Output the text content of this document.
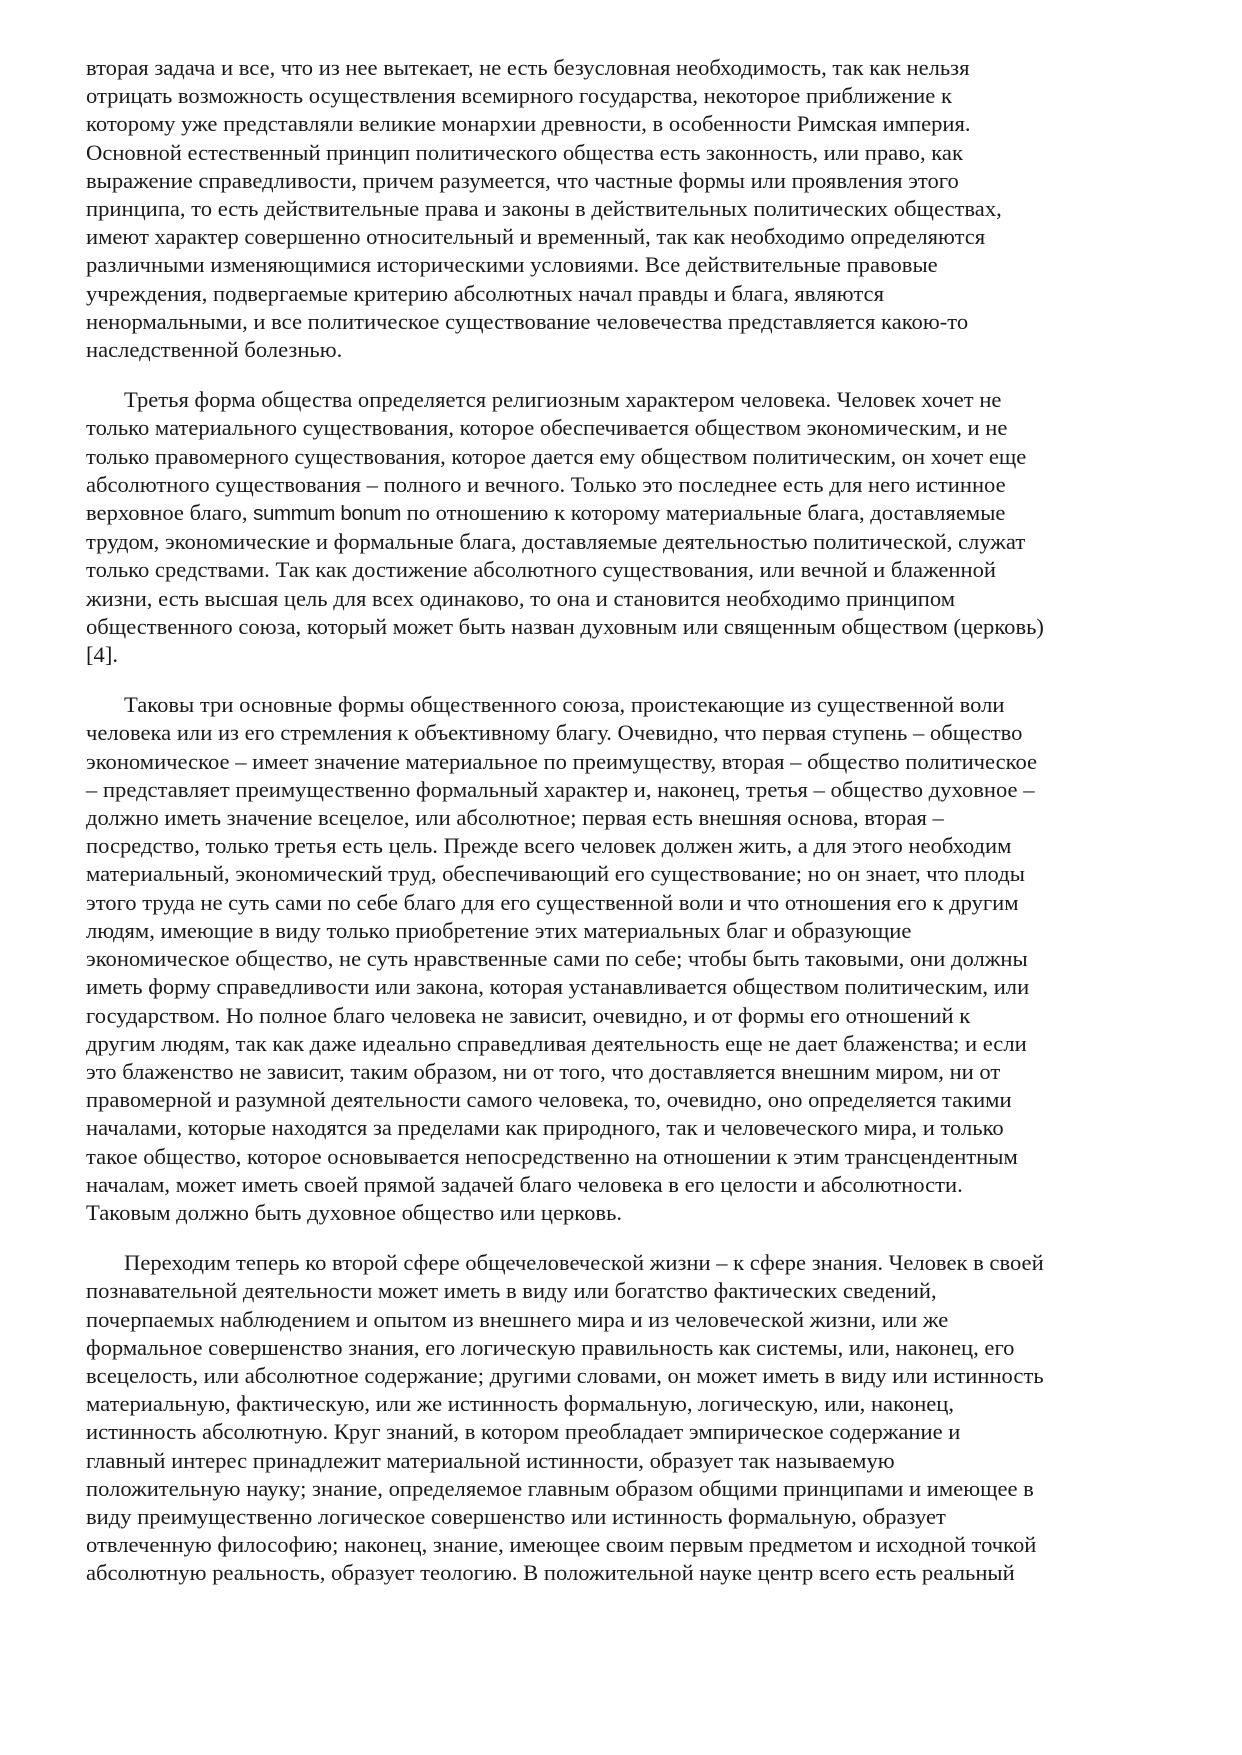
вторая задача и все, что из нее вытекает, не есть безусловная необходимость, так как нельзя
отрицать возможность осуществления всемирного государства, некоторое приближение к
которому уже представляли великие монархии древности, в особенности Римская империя.
Основной естественный принцип политического общества есть законность, или право, как
выражение справедливости, причем разумеется, что частные формы или проявления этого
принципа, то есть действительные права и законы в действительных политических обществах,
имеют характер совершенно относительный и временный, так как необходимо определяются
различными изменяющимися историческими условиями. Все действительные правовые
учреждения, подвергаемые критерию абсолютных начал правды и блага, являются
ненормальными, и все политическое существование человечества представляется какою-то
наследственной болезнью.
Третья форма общества определяется религиозным характером человека. Человек хочет не
только материального существования, которое обеспечивается обществом экономическим, и не
только правомерного существования, которое дается ему обществом политическим, он хочет еще
абсолютного существования – полного и вечного. Только это последнее есть для него истинное
верховное благо, summum bonum по отношению к которому материальные блага, доставляемые
трудом, экономические и формальные блага, доставляемые деятельностью политической, служат
только средствами. Так как достижение абсолютного существования, или вечной и блаженной
жизни, есть высшая цель для всех одинаково, то она и становится необходимо принципом
общественного союза, который может быть назван духовным или священным обществом (церковь)
[4].
Таковы три основные формы общественного союза, проистекающие из существенной воли
человека или из его стремления к объективному благу. Очевидно, что первая ступень – общество
экономическое – имеет значение материальное по преимуществу, вторая – общество политическое
– представляет преимущественно формальный характер и, наконец, третья – общество духовное –
должно иметь значение всецелое, или абсолютное; первая есть внешняя основа, вторая –
посредство, только третья есть цель. Прежде всего человек должен жить, а для этого необходим
материальный, экономический труд, обеспечивающий его существование; но он знает, что плоды
этого труда не суть сами по себе благо для его существенной воли и что отношения его к другим
людям, имеющие в виду только приобретение этих материальных благ и образующие
экономическое общество, не суть нравственные сами по себе; чтобы быть таковыми, они должны
иметь форму справедливости или закона, которая устанавливается обществом политическим, или
государством. Но полное благо человека не зависит, очевидно, и от формы его отношений к
другим людям, так как даже идеально справедливая деятельность еще не дает блаженства; и если
это блаженство не зависит, таким образом, ни от того, что доставляется внешним миром, ни от
правомерной и разумной деятельности самого человека, то, очевидно, оно определяется такими
началами, которые находятся за пределами как природного, так и человеческого мира, и только
такое общество, которое основывается непосредственно на отношении к этим трансцендентным
началам, может иметь своей прямой задачей благо человека в его целости и абсолютности.
Таковым должно быть духовное общество или церковь.
Переходим теперь ко второй сфере общечеловеческой жизни – к сфере знания. Человек в своей
познавательной деятельности может иметь в виду или богатство фактических сведений,
почерпаемых наблюдением и опытом из внешнего мира и из человеческой жизни, или же
формальное совершенство знания, его логическую правильность как системы, или, наконец, его
всецелость, или абсолютное содержание; другими словами, он может иметь в виду или истинность
материальную, фактическую, или же истинность формальную, логическую, или, наконец,
истинность абсолютную. Круг знаний, в котором преобладает эмпирическое содержание и
главный интерес принадлежит материальной истинности, образует так называемую
положительную науку; знание, определяемое главным образом общими принципами и имеющее в
виду преимущественно логическое совершенство или истинность формальную, образует
отвлеченную философию; наконец, знание, имеющее своим первым предметом и исходной точкой
абсолютную реальность, образует теологию. В положительной науке центр всего есть реальный
